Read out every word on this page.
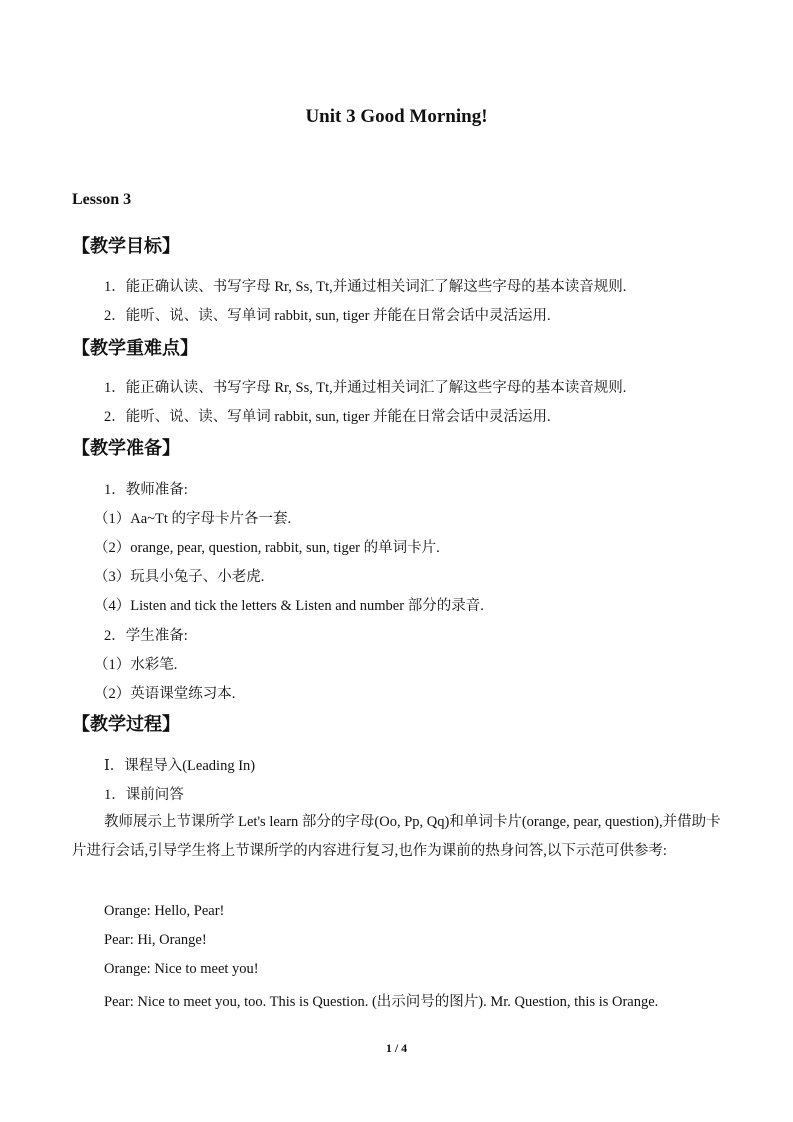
Unit 3 Good Morning!
Lesson 3
【教学目标】
1．能正确认读、书写字母 Rr, Ss, Tt,并通过相关词汇了解这些字母的基本读音规则.
2．能听、说、读、写单词 rabbit, sun, tiger 并能在日常会话中灵活运用.
【教学重难点】
1．能正确认读、书写字母 Rr, Ss, Tt,并通过相关词汇了解这些字母的基本读音规则.
2．能听、说、读、写单词 rabbit, sun, tiger 并能在日常会话中灵活运用.
【教学准备】
1．教师准备:
（1）Aa~Tt 的字母卡片各一套.
（2）orange, pear, question, rabbit, sun, tiger 的单词卡片.
（3）玩具小兔子、小老虎.
（4）Listen and tick the letters & Listen and number 部分的录音.
2．学生准备:
（1）水彩笔.
（2）英语课堂练习本.
【教学过程】
Ⅰ．课程导入(Leading In)
1．课前问答
教师展示上节课所学 Let's learn 部分的字母(Oo, Pp, Qq)和单词卡片(orange, pear, question),并借助卡片进行会话,引导学生将上节课所学的内容进行复习,也作为课前的热身问答,以下示范可供参考:
Orange: Hello, Pear!
Pear: Hi, Orange!
Orange: Nice to meet you!
Pear: Nice to meet you, too. This is Question. (出示问号的图片). Mr. Question, this is Orange.
1 / 4
